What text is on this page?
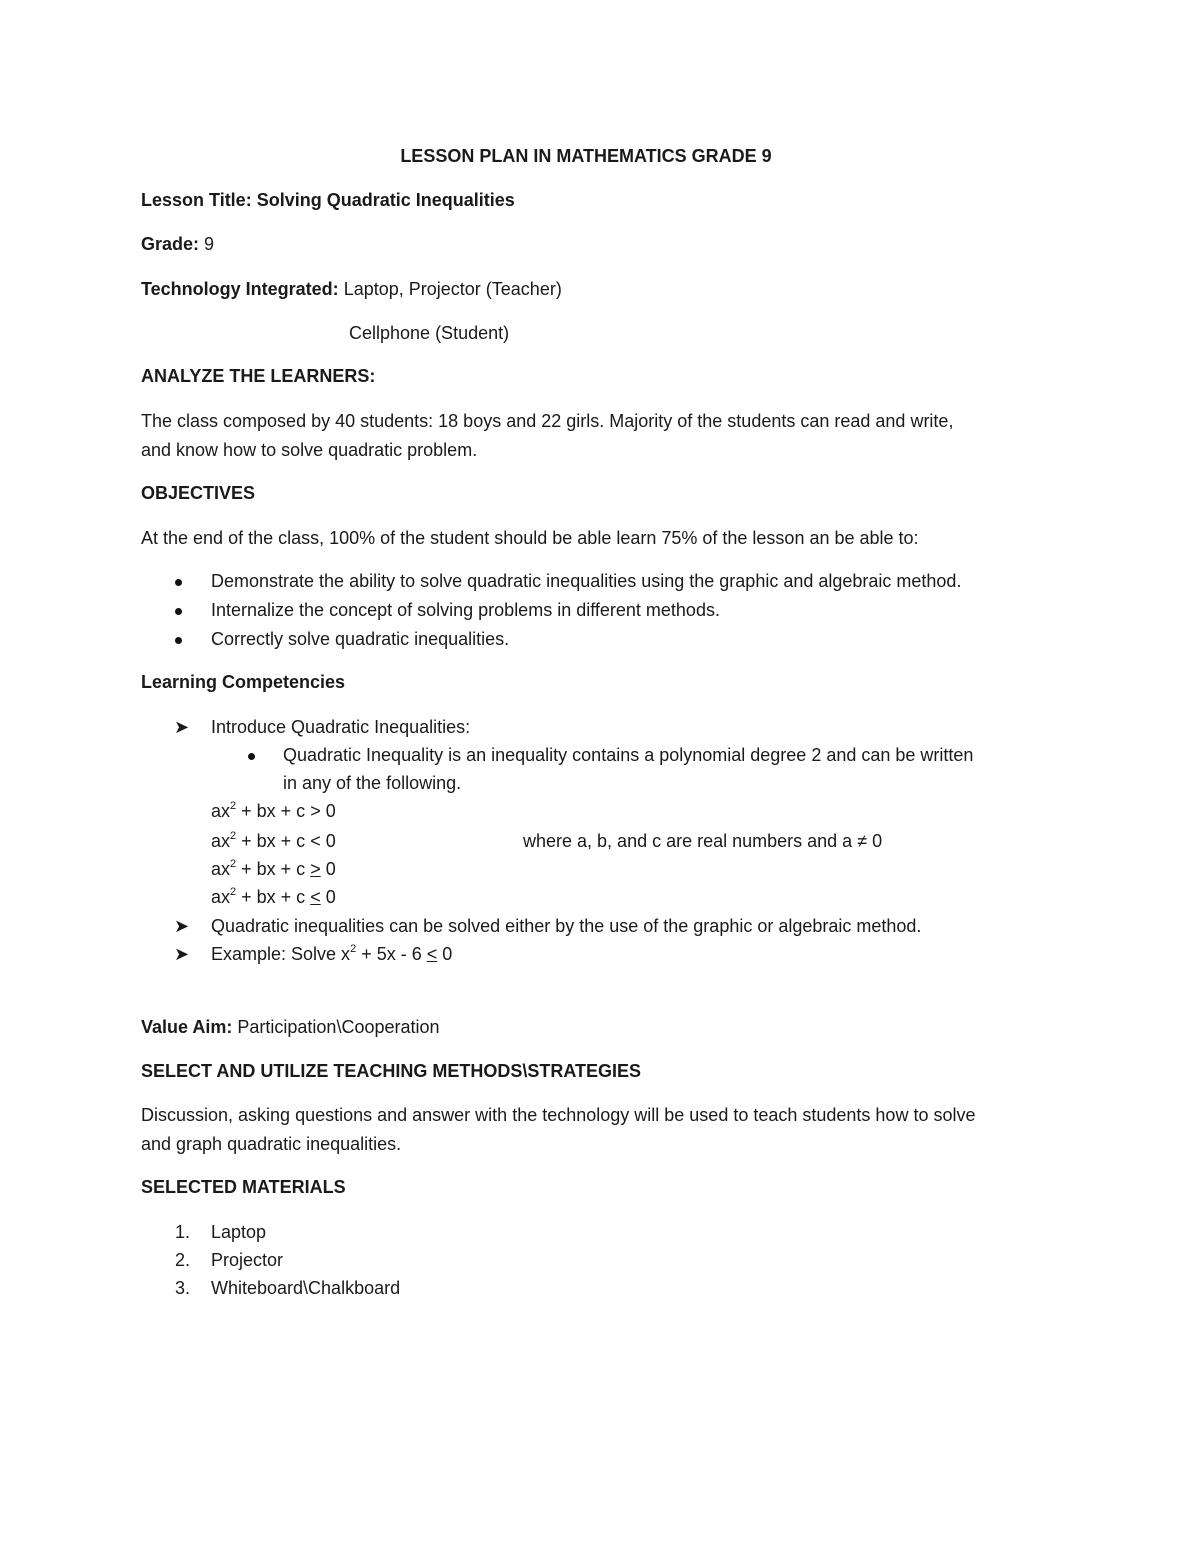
LESSON PLAN IN MATHEMATICS GRADE 9
Lesson Title: Solving Quadratic Inequalities
Grade: 9
Technology Integrated: Laptop, Projector (Teacher)
Cellphone (Student)
ANALYZE THE LEARNERS:
The class composed by 40 students: 18 boys and 22 girls. Majority of the students can read and write,
and know how to solve quadratic problem.
OBJECTIVES
At the end of the class, 100% of the student should be able learn 75% of the lesson an be able to:
Demonstrate the ability to solve quadratic inequalities using the graphic and algebraic method.
Internalize the concept of solving problems in different methods.
Correctly solve quadratic inequalities.
Learning Competencies
➤ Introduce Quadratic Inequalities:
Quadratic Inequality is an inequality contains a polynomial degree 2 and can be written
in any of the following.
$ax^2$ + bx + c > 0
$ax^2$ + bx + c < 0	where a, b, and c are real numbers and a ≠ 0
$ax^2$ + bx + c > 0
$ax^2$ + bx + c < 0
➤ Quadratic inequalities can be solved either by the use of the graphic or algebraic method.
➤ Example: Solve $x^2 + 5x - 6 < 0$
Value Aim: Participation\Cooperation
SELECT AND UTILIZE TEACHING METHODS\STRATEGIES
Discussion, asking questions and answer with the technology will be used to teach students how to solve
and graph quadratic inequalities.
SELECTED MATERIALS
1. Laptop
2. Projector
3. Whiteboard\Chalkboard
